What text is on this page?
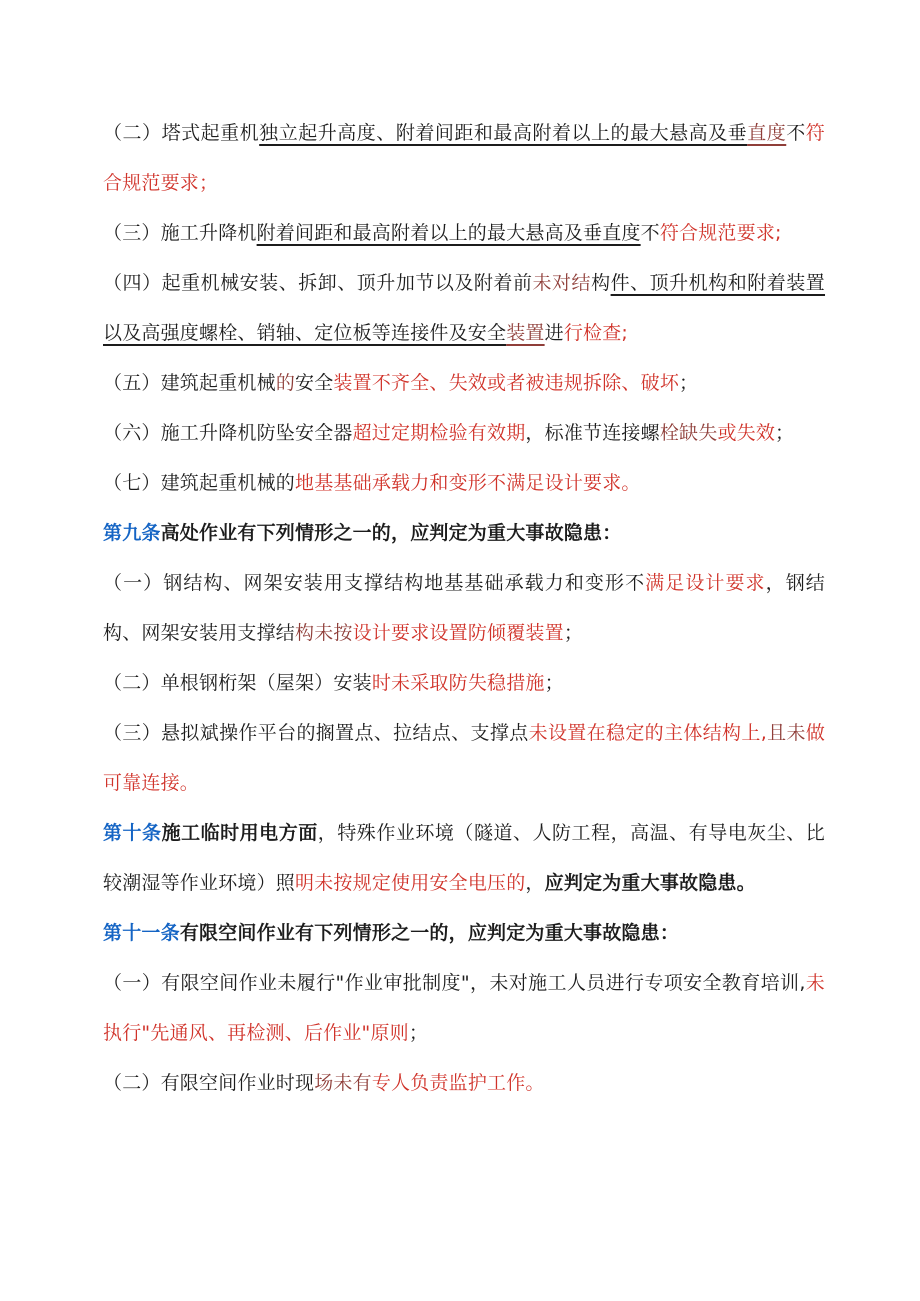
（二）塔式起重机独立起升高度、附着间距和最高附着以上的最大悬高及垂直度不符合规范要求；

（三）施工升降机附着间距和最高附着以上的最大悬高及垂直度不符合规范要求;

（四）起重机械安装、拆卸、顶升加节以及附着前未对结构件、顶升机构和附着装置以及高强度螺栓、销轴、定位板等连接件及安全装置进行检查;

（五）建筑起重机械的安全装置不齐全、失效或者被违规拆除、破坏；

（六）施工升降机防坠安全器超过定期检验有效期，标准节连接螺栓缺失或失效；

（七）建筑起重机械的地基基础承载力和变形不满足设计要求。

第九条高处作业有下列情形之一的，应判定为重大事故隐患：

（一）钢结构、网架安装用支撑结构地基基础承载力和变形不满足设计要求，钢结构、网架安装用支撑结构未按设计要求设置防倾覆装置；

（二）单根钢桁架（屋架）安装时未采取防失稳措施；

（三）悬拟斌操作平台的搁置点、拉结点、支撑点未设置在稳定的主体结构上,且未做可靠连接。

第十条施工临时用电方面，特殊作业环境（隧道、人防工程，高温、有导电灰尘、比较潮湿等作业环境）照明未按规定使用安全电压的，应判定为重大事故隐患。

第十一条有限空间作业有下列情形之一的，应判定为重大事故隐患：

（一）有限空间作业未履行"作业审批制度"，未对施工人员进行专项安全教育培训,未执行"先通风、再检测、后作业"原则；

（二）有限空间作业时现场未有专人负责监护工作。
